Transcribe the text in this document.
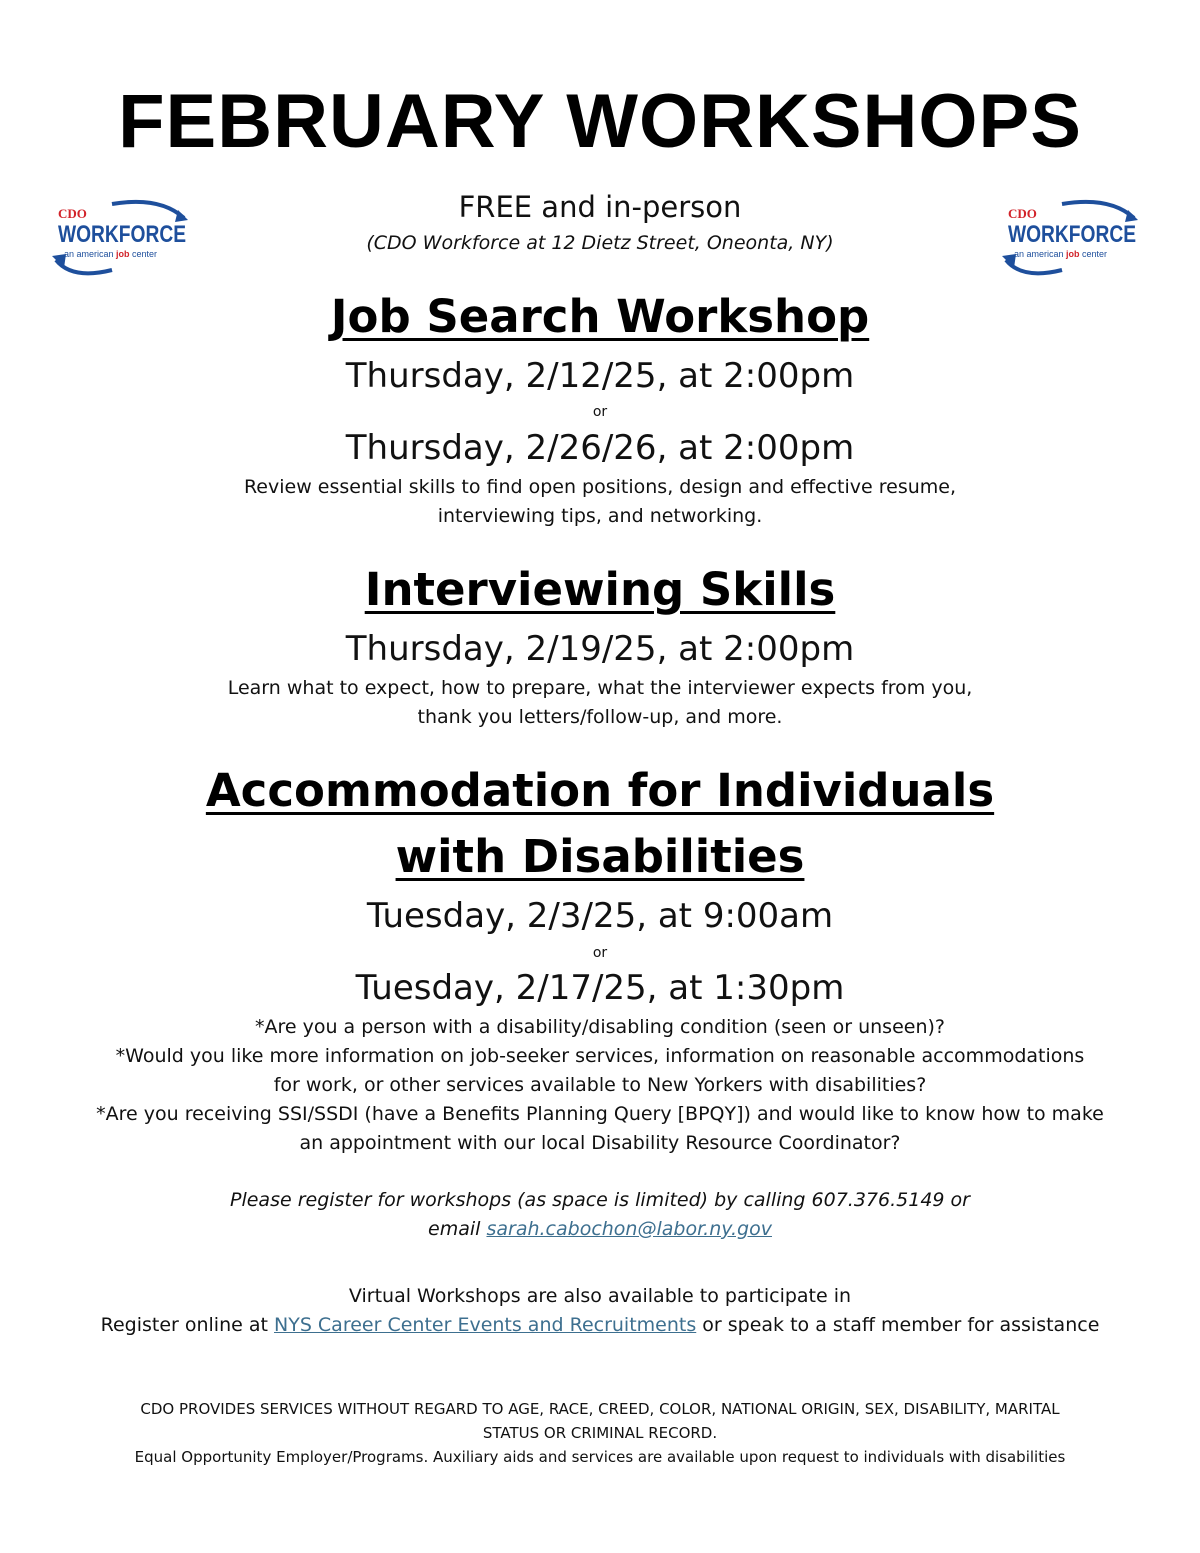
FEBRUARY WORKSHOPS
CDO
WORKFORCE
an american job center
CDO
WORKFORCE
an american job center
FREE and in-person
(CDO Workforce at 12 Dietz Street, Oneonta, NY)
Job Search Workshop
Thursday, 2/12/25, at 2:00pm
or
Thursday, 2/26/26, at 2:00pm
Review essential skills to find open positions, design and effective resume,
interviewing tips, and networking.
Interviewing Skills
Thursday, 2/19/25, at 2:00pm
Learn what to expect, how to prepare, what the interviewer expects from you,
thank you letters/follow-up, and more.
Accommodation for Individuals
with Disabilities
Tuesday, 2/3/25, at 9:00am
or
Tuesday, 2/17/25, at 1:30pm
*Are you a person with a disability/disabling condition (seen or unseen)?
*Would you like more information on job-seeker services, information on reasonable accommodations
for work, or other services available to New Yorkers with disabilities?
*Are you receiving SSI/SSDI (have a Benefits Planning Query [BPQY]) and would like to know how to make
an appointment with our local Disability Resource Coordinator?
Please register for workshops (as space is limited) by calling 607.376.5149 or
email sarah.cabochon@labor.ny.gov
Virtual Workshops are also available to participate in
Register online at NYS Career Center Events and Recruitments or speak to a staff member for assistance
CDO PROVIDES SERVICES WITHOUT REGARD TO AGE, RACE, CREED, COLOR, NATIONAL ORIGIN, SEX, DISABILITY, MARITAL
STATUS OR CRIMINAL RECORD.
Equal Opportunity Employer/Programs. Auxiliary aids and services are available upon request to individuals with disabilities
